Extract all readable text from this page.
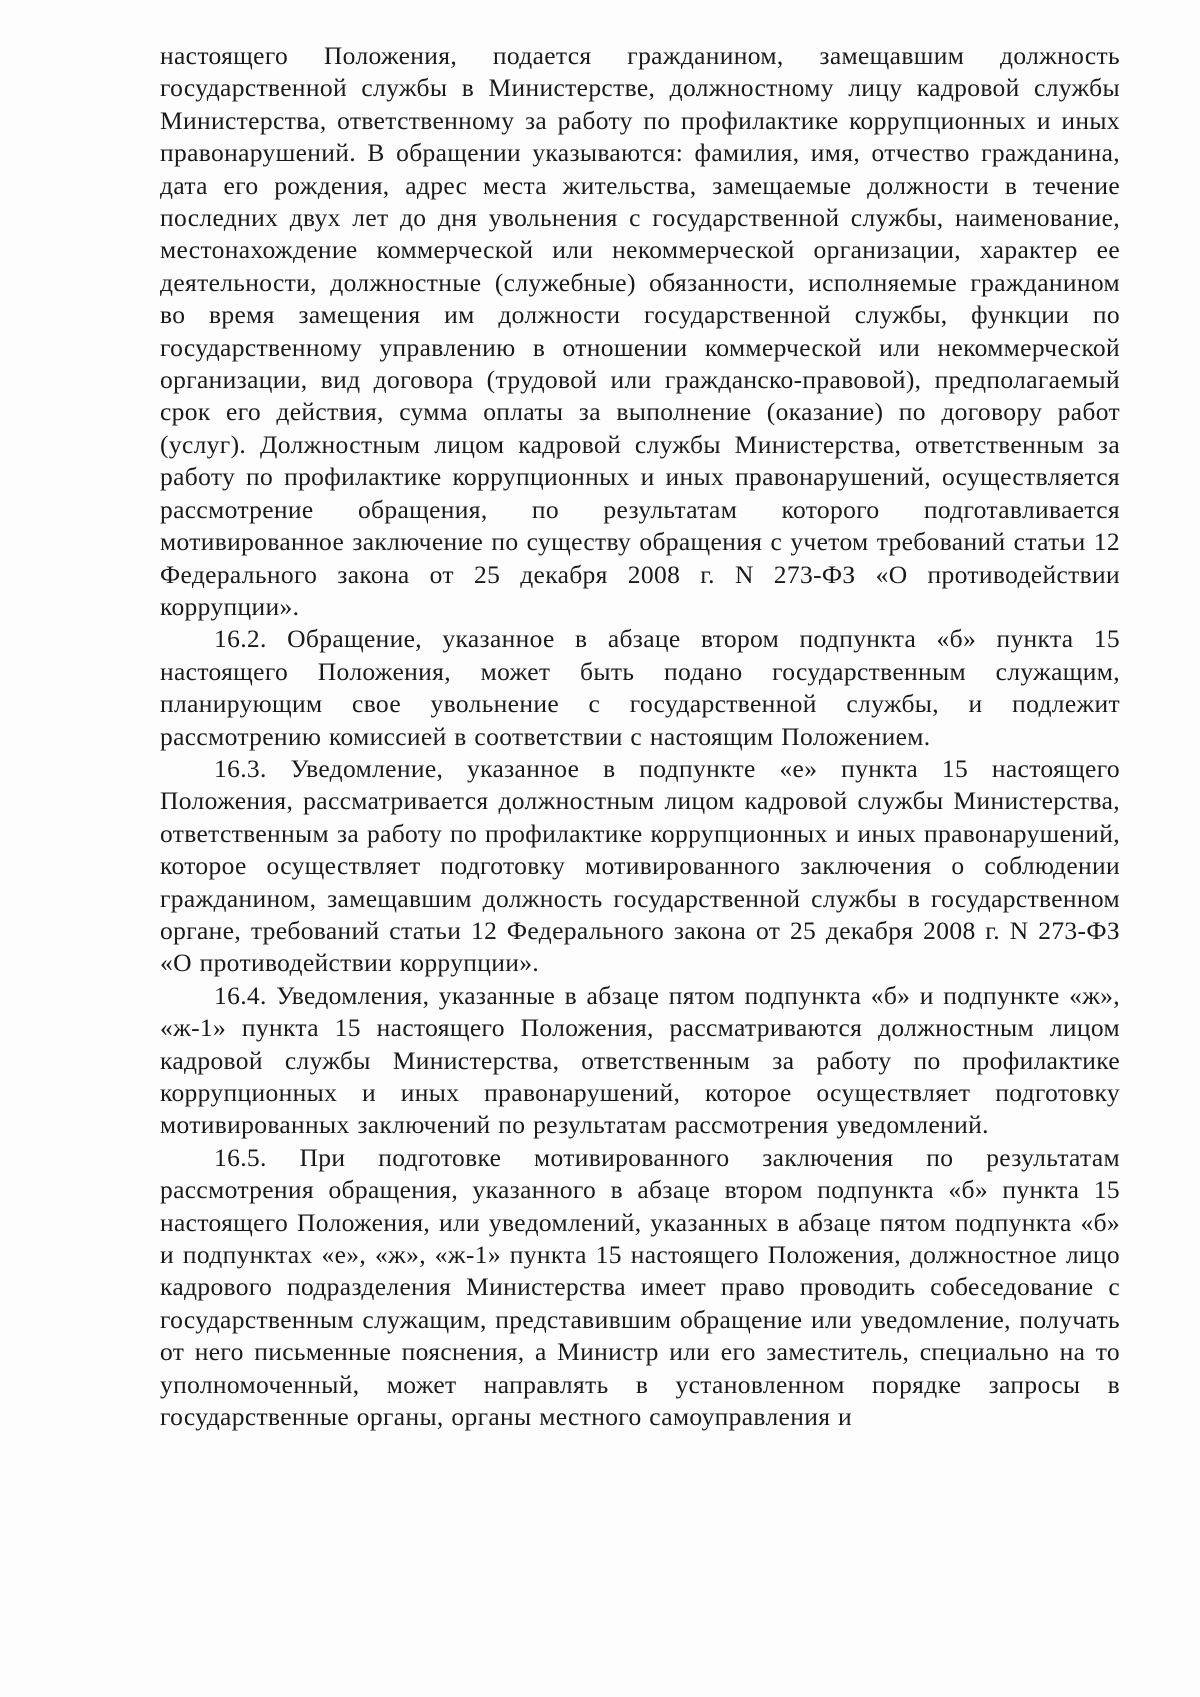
настоящего Положения, подается гражданином, замещавшим должность государственной службы в Министерстве, должностному лицу кадровой службы Министерства, ответственному за работу по профилактике коррупционных и иных правонарушений. В обращении указываются: фамилия, имя, отчество гражданина, дата его рождения, адрес места жительства, замещаемые должности в течение последних двух лет до дня увольнения с государственной службы, наименование, местонахождение коммерческой или некоммерческой организации, характер ее деятельности, должностные (служебные) обязанности, исполняемые гражданином во время замещения им должности государственной службы, функции по государственному управлению в отношении коммерческой или некоммерческой организации, вид договора (трудовой или гражданско-правовой), предполагаемый срок его действия, сумма оплаты за выполнение (оказание) по договору работ (услуг). Должностным лицом кадровой службы Министерства, ответственным за работу по профилактике коррупционных и иных правонарушений, осуществляется рассмотрение обращения, по результатам которого подготавливается мотивированное заключение по существу обращения с учетом требований статьи 12 Федерального закона от 25 декабря 2008 г. N 273-ФЗ «О противодействии коррупции».

16.2. Обращение, указанное в абзаце втором подпункта «б» пункта 15 настоящего Положения, может быть подано государственным служащим, планирующим свое увольнение с государственной службы, и подлежит рассмотрению комиссией в соответствии с настоящим Положением.

16.3. Уведомление, указанное в подпункте «е» пункта 15 настоящего Положения, рассматривается должностным лицом кадровой службы Министерства, ответственным за работу по профилактике коррупционных и иных правонарушений, которое осуществляет подготовку мотивированного заключения о соблюдении гражданином, замещавшим должность государственной службы в государственном органе, требований статьи 12 Федерального закона от 25 декабря 2008 г. N 273-ФЗ «О противодействии коррупции».

16.4. Уведомления, указанные в абзаце пятом подпункта «б» и подпункте «ж», «ж-1» пункта 15 настоящего Положения, рассматриваются должностным лицом кадровой службы Министерства, ответственным за работу по профилактике коррупционных и иных правонарушений, которое осуществляет подготовку мотивированных заключений по результатам рассмотрения уведомлений.

16.5. При подготовке мотивированного заключения по результатам рассмотрения обращения, указанного в абзаце втором подпункта «б» пункта 15 настоящего Положения, или уведомлений, указанных в абзаце пятом подпункта «б» и подпунктах «е», «ж», «ж-1» пункта 15 настоящего Положения, должностное лицо кадрового подразделения Министерства имеет право проводить собеседование с государственным служащим, представившим обращение или уведомление, получать от него письменные пояснения, а Министр или его заместитель, специально на то уполномоченный, может направлять в установленном порядке запросы в государственные органы, органы местного самоуправления и
